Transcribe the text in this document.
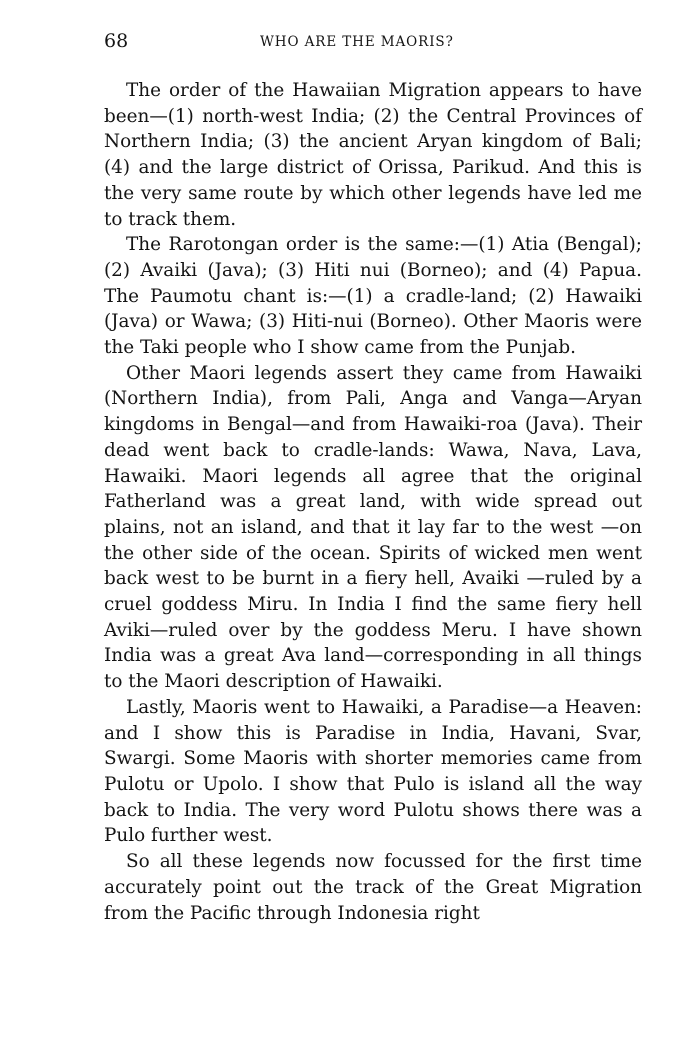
68	WHO ARE THE MAORIS?

The order of the Hawaiian Migration appears to have been—(1) north-west India; (2) the Central Provinces of Northern India; (3) the ancient Aryan kingdom of Bali; (4) and the large district of Orissa, Parikud. And this is the very same route by which other legends have led me to track them.

The Rarotongan order is the same:—(1) Atia (Bengal); (2) Avaiki (Java); (3) Hiti nui (Borneo); and (4) Papua. The Paumotu chant is:—(1) a cradle-land; (2) Hawaiki (Java) or Wawa; (3) Hiti-nui (Borneo). Other Maoris were the Taki people who I show came from the Punjab.

Other Maori legends assert they came from Hawaiki (Northern India), from Pali, Anga and Vanga—Aryan kingdoms in Bengal—and from Hawaiki-roa (Java). Their dead went back to cradle-lands: Wawa, Nava, Lava, Hawaiki. Maori legends all agree that the original Fatherland was a great land, with wide spread out plains, not an island, and that it lay far to the west —on the other side of the ocean. Spirits of wicked men went back west to be burnt in a fiery hell, Avaiki —ruled by a cruel goddess Miru. In India I find the same fiery hell Aviki—ruled over by the goddess Meru. I have shown India was a great Ava land—corresponding in all things to the Maori description of Hawaiki.

Lastly, Maoris went to Hawaiki, a Paradise—a Heaven: and I show this is Paradise in India, Havani, Svar, Swargi. Some Maoris with shorter memories came from Pulotu or Upolo. I show that Pulo is island all the way back to India. The very word Pulotu shows there was a Pulo further west.

So all these legends now focussed for the first time accurately point out the track of the Great Migration from the Pacific through Indonesia right
